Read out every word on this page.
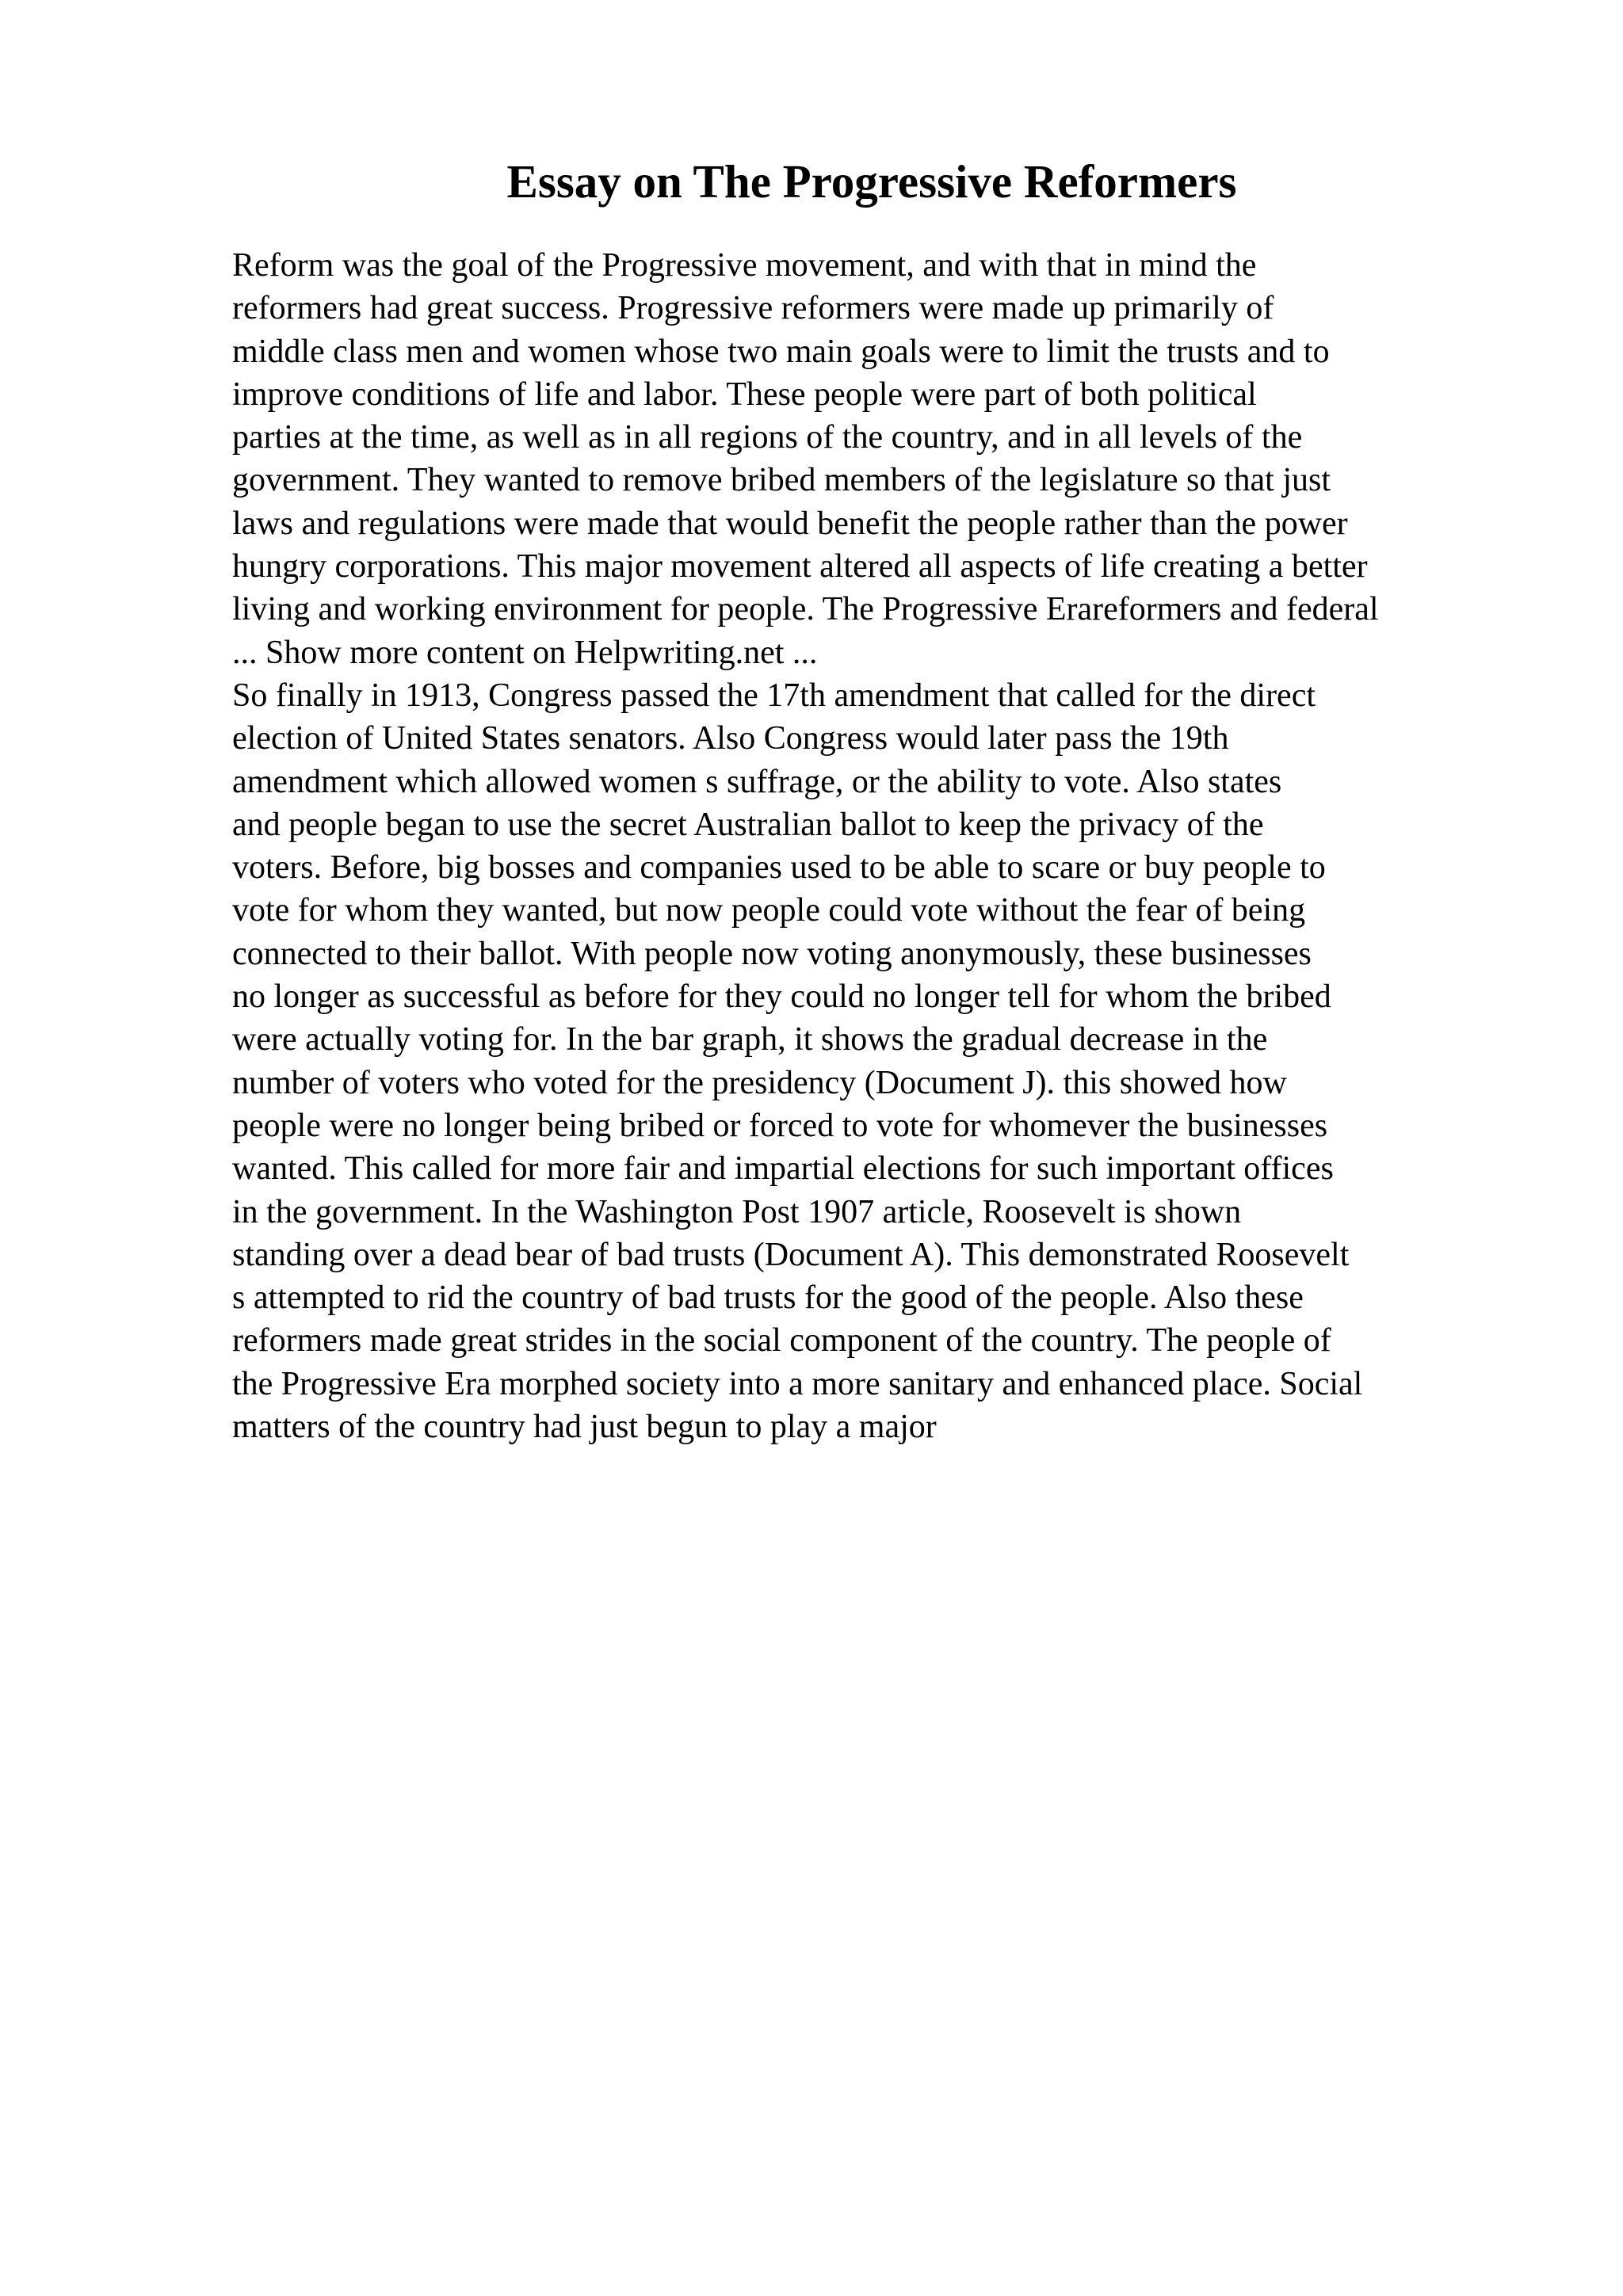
Essay on The Progressive Reformers
Reform was the goal of the Progressive movement, and with that in mind the
reformers had great success. Progressive reformers were made up primarily of
middle class men and women whose two main goals were to limit the trusts and to
improve conditions of life and labor. These people were part of both political
parties at the time, as well as in all regions of the country, and in all levels of the
government. They wanted to remove bribed members of the legislature so that just
laws and regulations were made that would benefit the people rather than the power
hungry corporations. This major movement altered all aspects of life creating a better
living and working environment for people. The Progressive Erareformers and federal
... Show more content on Helpwriting.net ...
So finally in 1913, Congress passed the 17th amendment that called for the direct
election of United States senators. Also Congress would later pass the 19th
amendment which allowed women s suffrage, or the ability to vote. Also states
and people began to use the secret Australian ballot to keep the privacy of the
voters. Before, big bosses and companies used to be able to scare or buy people to
vote for whom they wanted, but now people could vote without the fear of being
connected to their ballot. With people now voting anonymously, these businesses
no longer as successful as before for they could no longer tell for whom the bribed
were actually voting for. In the bar graph, it shows the gradual decrease in the
number of voters who voted for the presidency (Document J). this showed how
people were no longer being bribed or forced to vote for whomever the businesses
wanted. This called for more fair and impartial elections for such important offices
in the government. In the Washington Post 1907 article, Roosevelt is shown
standing over a dead bear of bad trusts (Document A). This demonstrated Roosevelt
s attempted to rid the country of bad trusts for the good of the people. Also these
reformers made great strides in the social component of the country. The people of
the Progressive Era morphed society into a more sanitary and enhanced place. Social
matters of the country had just begun to play a major
